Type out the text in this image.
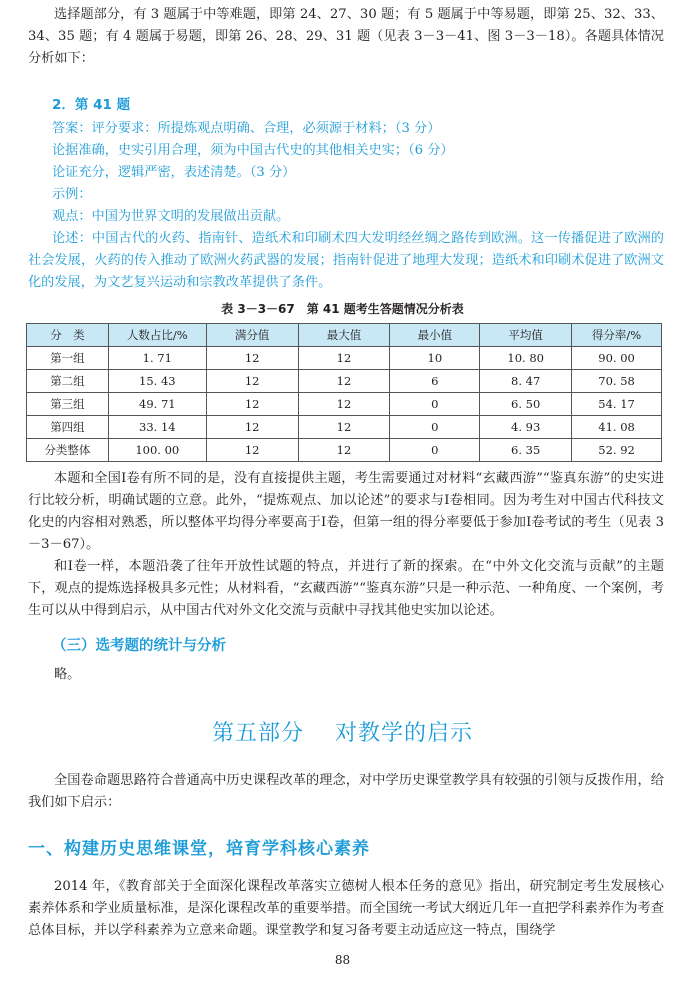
选择题部分，有 3 题属于中等难题，即第 24、27、30 题；有 5 题属于中等易题，即第 25、32、33、34、35 题；有 4 题属于易题，即第 26、28、29、31 题（见表 3－3－41、图 3－3－18）。各题具体情况分析如下：

2．第 41 题

答案：评分要求：所提炼观点明确、合理，必须源于材料；（3 分）

论据准确，史实引用合理，须为中国古代史的其他相关史实；（6 分）

论证充分，逻辑严密，表述清楚。（3 分）

示例：

观点：中国为世界文明的发展做出贡献。

论述：中国古代的火药、指南针、造纸术和印刷术四大发明经丝绸之路传到欧洲。这一传播促进了欧洲的社会发展，火药的传入推动了欧洲火药武器的发展；指南针促进了地理大发现；造纸术和印刷术促进了欧洲文化的发展，为文艺复兴运动和宗教改革提供了条件。

表 3－3－67　第 41 题考生答题情况分析表

分　类	人数占比/%	满分值	最大值	最小值	平均值	得分率/%
第一组	1. 71	12	12	10	10. 80	90. 00
第二组	15. 43	12	12	6	8. 47	70. 58
第三组	49. 71	12	12	0	6. 50	54. 17
第四组	33. 14	12	12	0	4. 93	41. 08
分类整体	100. 00	12	12	0	6. 35	52. 92

本题和全国Ⅰ卷有所不同的是，没有直接提供主题，考生需要通过对材料“玄藏西游”“鉴真东游”的史实进行比较分析，明确试题的立意。此外，“提炼观点、加以论述”的要求与Ⅰ卷相同。因为考生对中国古代科技文化史的内容相对熟悉，所以整体平均得分率要高于Ⅰ卷，但第一组的得分率要低于参加Ⅰ卷考试的考生（见表 3－3－67）。

和Ⅰ卷一样，本题沿袭了往年开放性试题的特点，并进行了新的探索。在“中外文化交流与贡献”的主题下，观点的提炼选择极具多元性；从材料看，“玄藏西游”“鉴真东游”只是一种示范、一种角度、一个案例，考生可以从中得到启示，从中国古代对外文化交流与贡献中寻找其他史实加以论述。

（三）选考题的统计与分析

略。

第五部分　 对教学的启示

全国卷命题思路符合普通高中历史课程改革的理念，对中学历史课堂教学具有较强的引领与反拨作用，给我们如下启示：

一、构建历史思维课堂，培育学科核心素养

2014 年，《教育部关于全面深化课程改革落实立德树人根本任务的意见》指出，研究制定考生发展核心素养体系和学业质量标准，是深化课程改革的重要举措。而全国统一考试大纲近几年一直把学科素养作为考查总体目标，并以学科素养为立意来命题。课堂教学和复习备考要主动适应这一特点，围绕学

88
